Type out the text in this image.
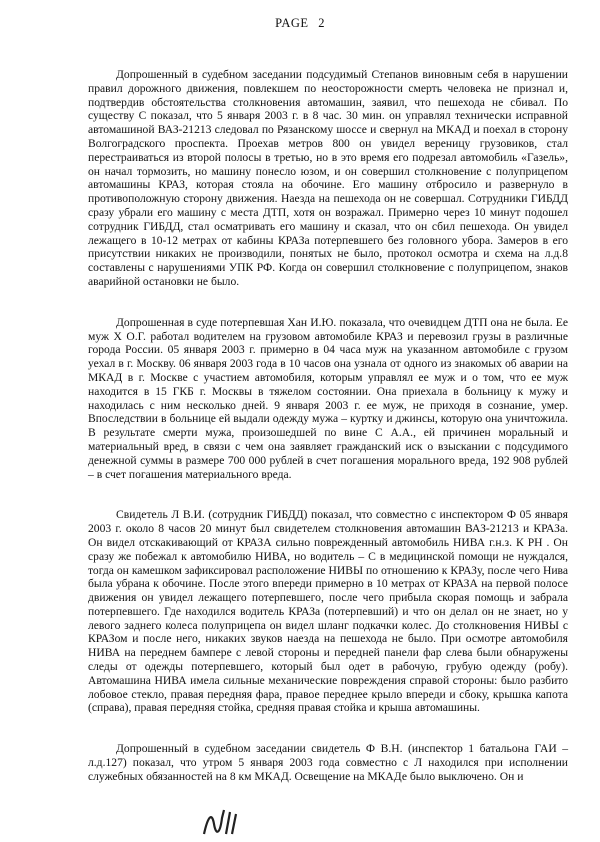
PAGE 2

Допрошенный в судебном заседании подсудимый Степанов виновным себя в нарушении правил дорожного движения, повлекшем по неосторожности смерть человека не признал и, подтвердив обстоятельства столкновения автомашин, заявил, что пешехода не сбивал. По существу С показал, что 5 января 2003 г. в 8 час. 30 мин. он управлял технически исправной автомашиной ВАЗ-21213 следовал по Рязанскому шоссе и свернул на МКАД и поехал в сторону Волгоградского проспекта. Проехав метров 800 он увидел вереницу грузовиков, стал перестраиваться из второй полосы в третью, но в это время его подрезал автомобиль «Газель», он начал тормозить, но машину понесло юзом, и он совершил столкновение с полуприцепом автомашины КРАЗ, которая стояла на обочине. Его машину отбросило и развернуло в противоположную сторону движения. Наезда на пешехода он не совершал. Сотрудники ГИБДД сразу убрали его машину с места ДТП, хотя он возражал. Примерно через 10 минут подошел сотрудник ГИБДД, стал осматривать его машину и сказал, что он сбил пешехода. Он увидел лежащего в 10-12 метрах от кабины КРАЗа потерпевшего без головного убора. Замеров в его присутствии никаких не производили, понятых не было, протокол осмотра и схема на л.д.8 составлены с нарушениями УПК РФ. Когда он совершил столкновение с полуприцепом, знаков аварийной остановки не было.

Допрошенная в суде потерпевшая Хан И.Ю. показала, что очевидцем ДТП она не была. Ее муж Х О.Г. работал водителем на грузовом автомобиле КРАЗ и перевозил грузы в различные города России. 05 января 2003 г. примерно в 04 часа муж на указанном автомобиле с грузом уехал в г. Москву. 06 января 2003 года в 10 часов она узнала от одного из знакомых об аварии на МКАД в г. Москве с участием автомобиля, которым управлял ее муж и о том, что ее муж находится в 15 ГКБ г. Москвы в тяжелом состоянии. Она приехала в больницу к мужу и находилась с ним несколько дней. 9 января 2003 г. ее муж, не приходя в сознание, умер. Впоследствии в больнице ей выдали одежду мужа – куртку и джинсы, которую она уничтожила. В результате смерти мужа, произошедшей по вине С А.А., ей причинен моральный и материальный вред, в связи с чем она заявляет гражданский иск о взыскании с подсудимого денежной суммы в размере 700 000 рублей в счет погашения морального вреда, 192 908 рублей – в счет погашения материального вреда.

Свидетель Л В.И. (сотрудник ГИБДД) показал, что совместно с инспектором Ф 05 января 2003 г. около 8 часов 20 минут был свидетелем столкновения автомашин ВАЗ-21213 и КРАЗа. Он видел отскакивающий от КРАЗА сильно поврежденный автомобиль НИВА г.н.з. К РН . Он сразу же побежал к автомобилю НИВА, но водитель – С в медицинской помощи не нуждался, тогда он камешком зафиксировал расположение НИВЫ по отношению к КРАЗу, после чего Нива была убрана к обочине. После этого впереди примерно в 10 метрах от КРАЗА на первой полосе движения он увидел лежащего потерпевшего, после чего прибыла скорая помощь и забрала потерпевшего. Где находился водитель КРАЗа (потерпевший) и что он делал он не знает, но у левого заднего колеса полуприцепа он видел шланг подкачки колес. До столкновения НИВЫ с КРАЗом и после него, никаких звуков наезда на пешехода не было. При осмотре автомобиля НИВА на переднем бампере с левой стороны и передней панели фар слева были обнаружены следы от одежды потерпевшего, который был одет в рабочую, грубую одежду (робу). Автомашина НИВА имела сильные механические повреждения справой стороны: было разбито лобовое стекло, правая передняя фара, правое переднее крыло впереди и сбоку, крышка капота (справа), правая передняя стойка, средняя правая стойка и крыша автомашины.

Допрошенный в судебном заседании свидетель Ф В.Н. (инспектор 1 батальона ГАИ – л.д.127) показал, что утром 5 января 2003 года совместно с Л находился при исполнении служебных обязанностей на 8 км МКАД. Освещение на МКАДе было выключено. Он и
